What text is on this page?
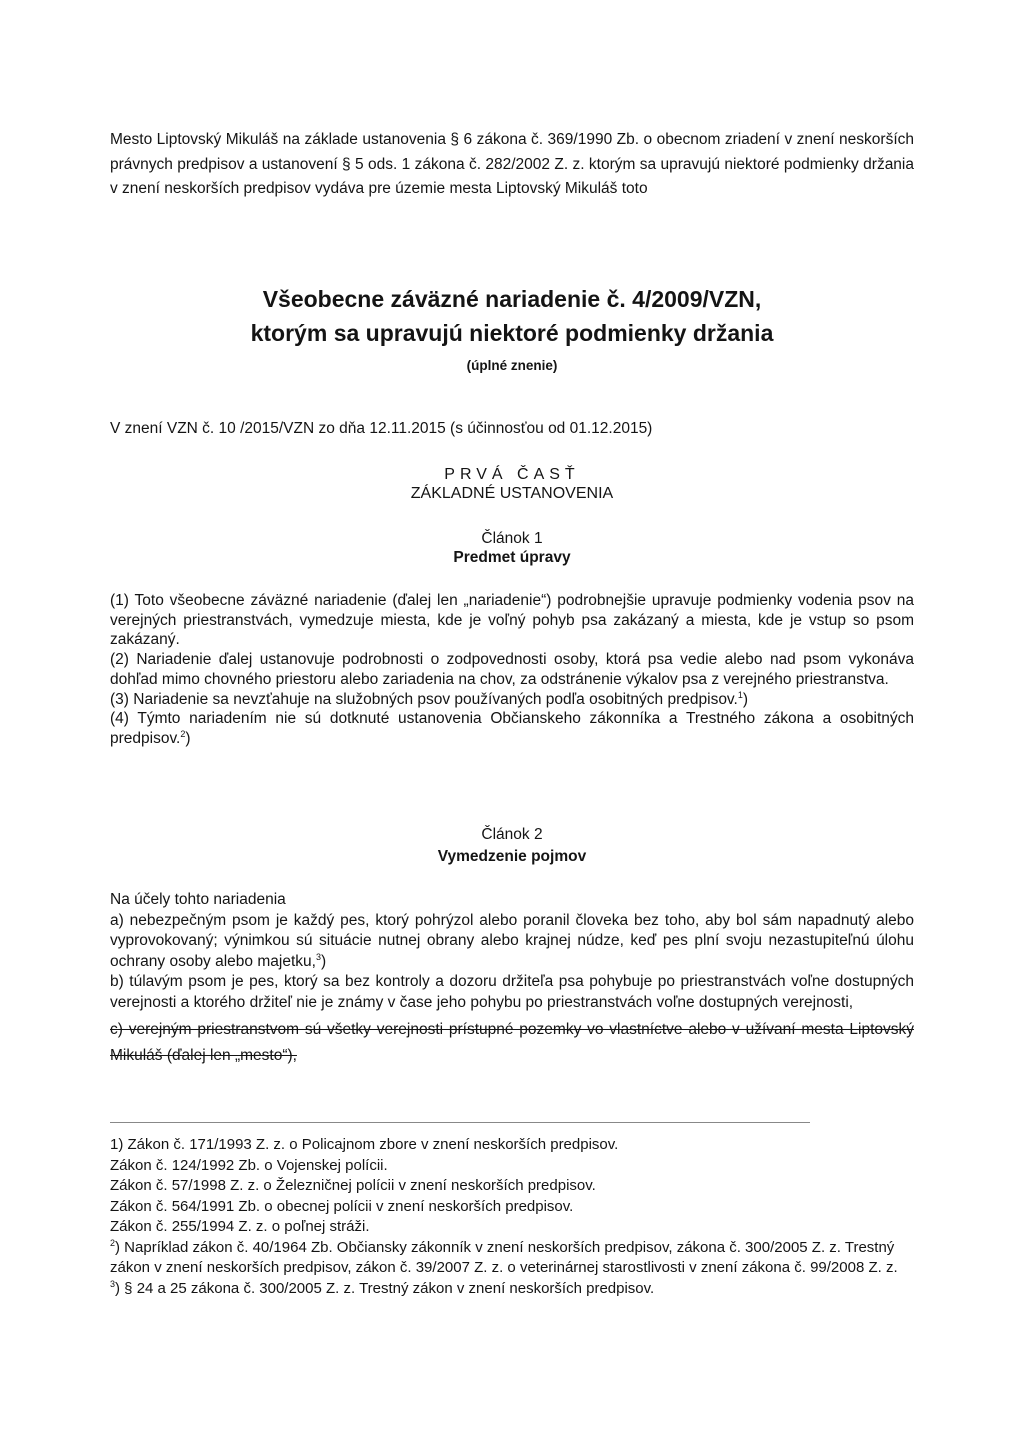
Mesto Liptovský Mikuláš na základe ustanovenia § 6 zákona č. 369/1990 Zb. o obecnom zriadení v znení neskorších právnych predpisov a ustanovení § 5 ods. 1 zákona č. 282/2002 Z. z. ktorým sa upravujú niektoré podmienky držania v znení neskorších predpisov vydáva pre územie mesta Liptovský Mikuláš toto

Všeobecne záväzné nariadenie č. 4/2009/VZN,
ktorým sa upravujú niektoré podmienky držania
(úplné znenie)
V znení VZN č. 10 /2015/VZN zo dňa 12.11.2015 (s účinnosťou od 01.12.2015)
PRVÁ ČASŤ
ZÁKLADNÉ USTANOVENIA
Článok 1
Predmet úpravy

(1) Toto všeobecne záväzné nariadenie (ďalej len „nariadenie“) podrobnejšie upravuje podmienky vodenia psov na verejných priestranstvách, vymedzuje miesta, kde je voľný pohyb psa zakázaný a miesta, kde je vstup so psom zakázaný.

(2) Nariadenie ďalej ustanovuje podrobnosti o zodpovednosti osoby, ktorá psa vedie alebo nad psom vykonáva dohľad mimo chovného priestoru alebo zariadenia na chov, za odstránenie výkalov psa z verejného priestranstva.

(3) Nariadenie sa nevzťahuje na služobných psov používaných podľa osobitných predpisov.$^1$)

(4) Týmto nariadením nie sú dotknuté ustanovenia Občianskeho zákonníka a Trestného zákona a osobitných predpisov.$^2$)

Článok 2
Vymedzenie pojmov

Na účely tohto nariadenia

a) nebezpečným psom je každý pes, ktorý pohrýzol alebo poranil človeka bez toho, aby bol sám napadnutý alebo vyprovokovaný; výnimkou sú situácie nutnej obrany alebo krajnej núdze, keď pes plní svoju nezastupiteľnú úlohu ochrany osoby alebo majetku,$^3$)

b) túlavým psom je pes, ktorý sa bez kontroly a dozoru držiteľa psa pohybuje po priestranstvách voľne dostupných verejnosti a ktorého držiteľ nie je známy v čase jeho pohybu po priestranstvách voľne dostupných verejnosti,

c) verejným priestranstvom sú všetky verejnosti prístupné pozemky vo vlastníctve alebo v užívaní mesta Liptovský Mikuláš (ďalej len „mesto“),

1) Zákon č. 171/1993 Z. z. o Policajnom zbore v znení neskorších predpisov.

Zákon č. 124/1992 Zb. o Vojenskej polícii.

Zákon č. 57/1998 Z. z. o Železničnej polícii v znení neskorších predpisov.

Zákon č. 564/1991 Zb. o obecnej polícii v znení neskorších predpisov.

Zákon č. 255/1994 Z. z. o poľnej stráži.

$^2$) Napríklad zákon č. 40/1964 Zb. Občiansky zákonník v znení neskorších predpisov, zákona č. 300/2005 Z. z. Trestný zákon v znení neskorších predpisov, zákon č. 39/2007 Z. z. o veterinárnej starostlivosti v znení zákona č. 99/2008 Z. z.

$^3$) § 24 a 25 zákona č. 300/2005 Z. z. Trestný zákon v znení neskorších predpisov.
